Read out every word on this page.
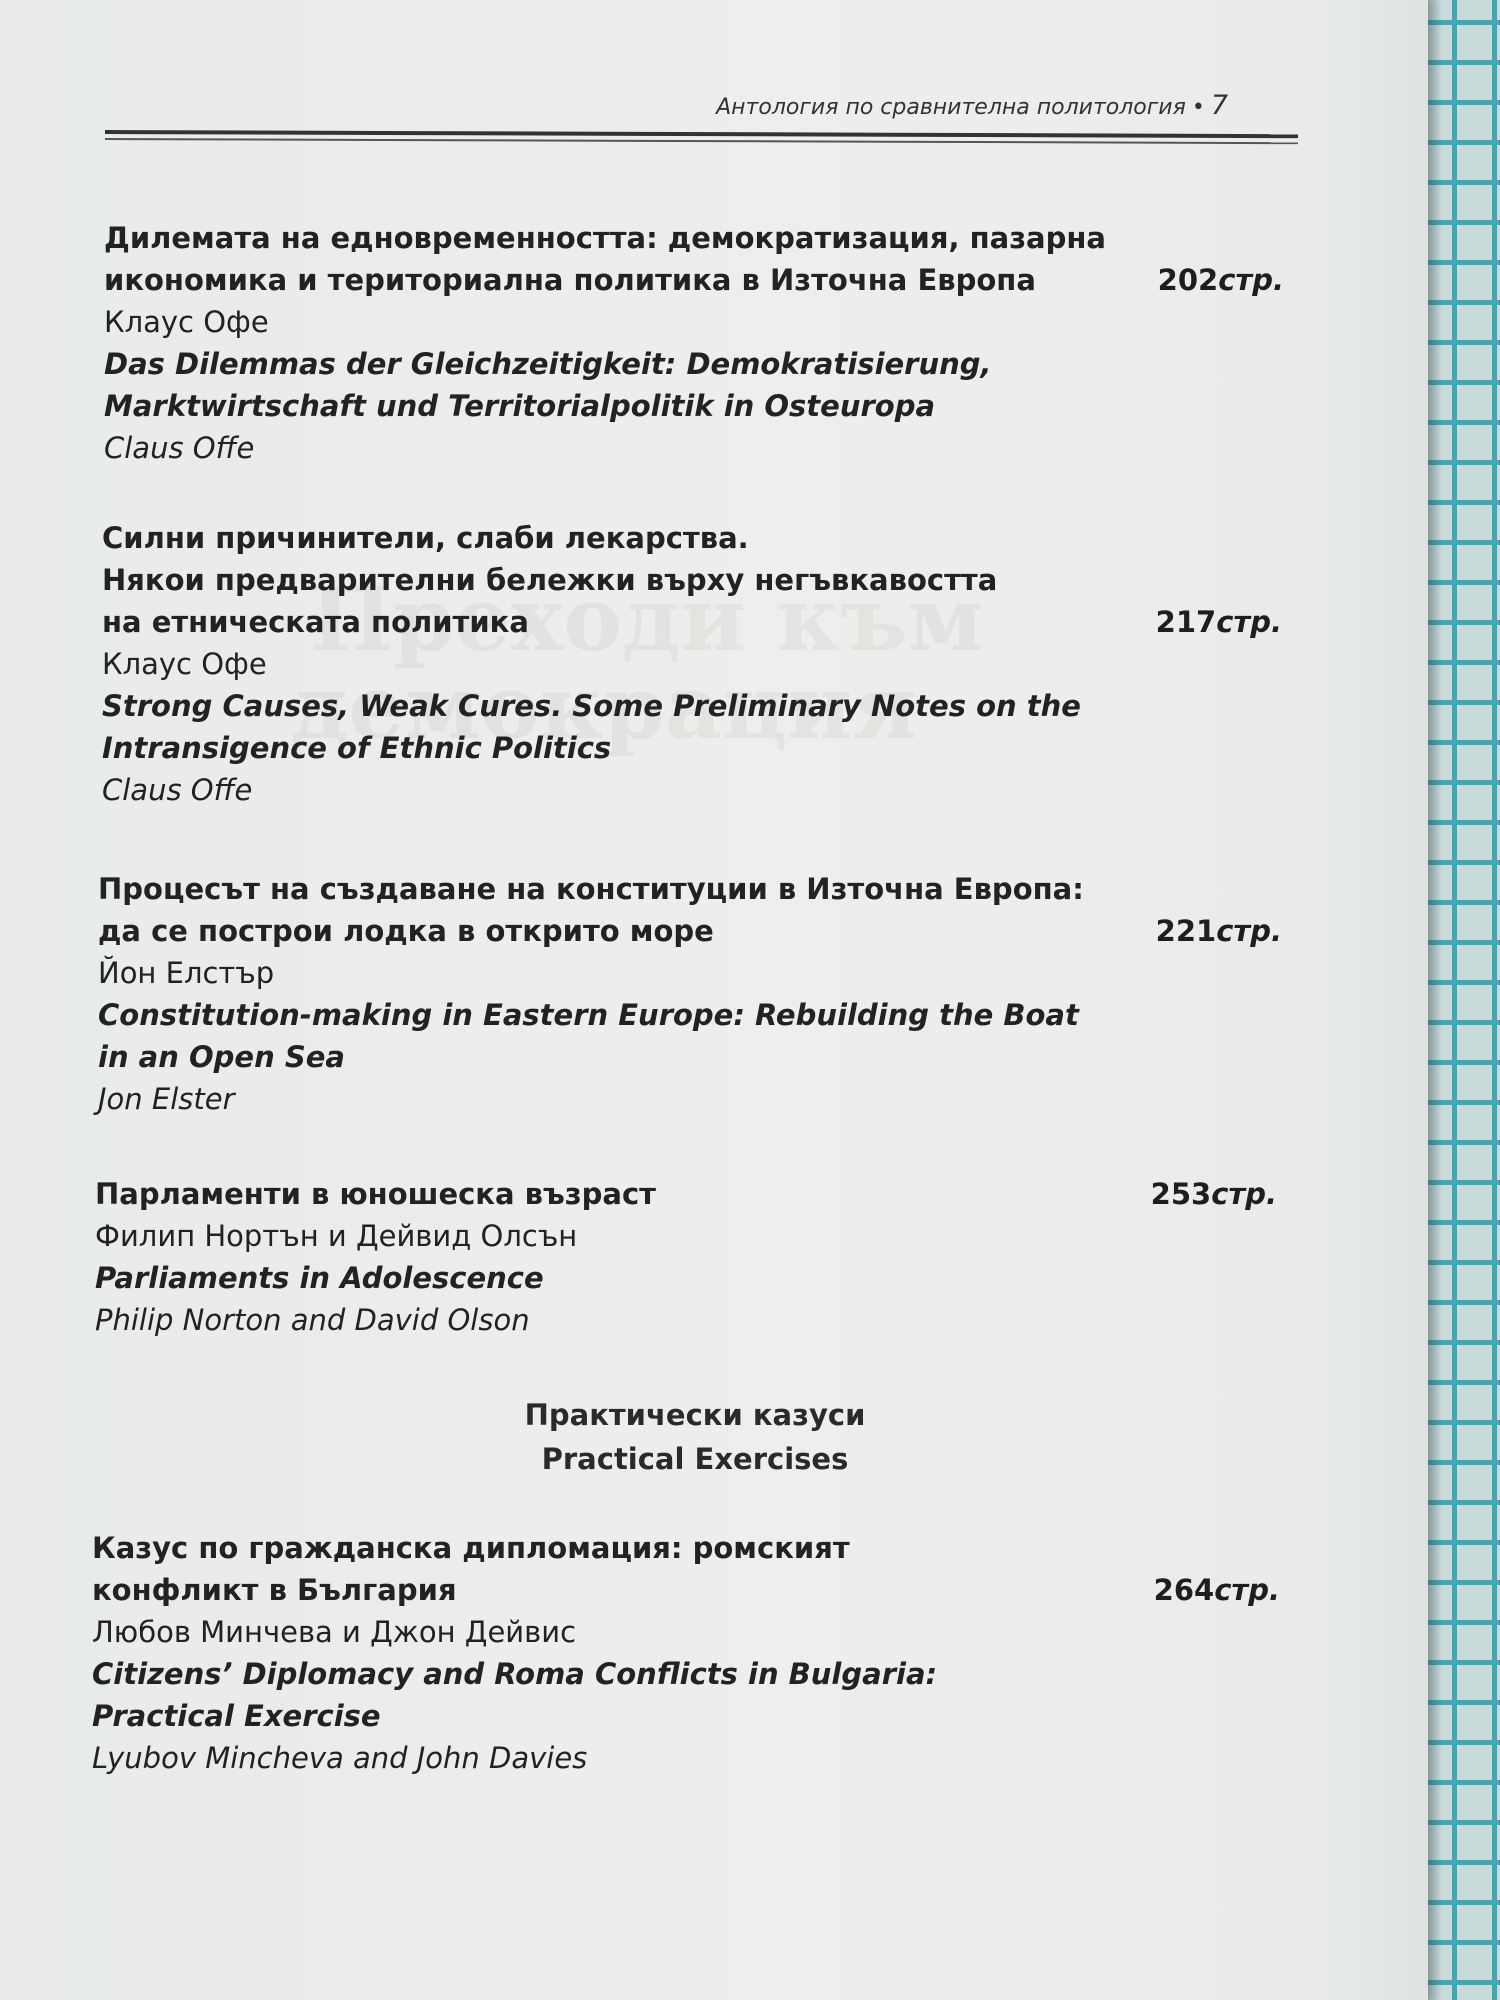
Антология по сравнителна политология • 7
Дилемата на едновременността: демократизация, пазарна
икономика и териториална политика в Източна Европа
Клаус Офе
Das Dilemmas der Gleichzeitigkeit: Demokratisierung,
Marktwirtschaft und Territorialpolitik in Osteuropa
Claus Offe
202стр.
Силни причинители, слаби лекарства.
Някои предварителни бележки върху негъвкавостта
на етническата политика
Клаус Офе
Strong Causes, Weak Cures. Some Preliminary Notes on the
Intransigence of Ethnic Politics
Claus Offe
217стр.
Процесът на създаване на конституции в Източна Европа:
да се построи лодка в открито море
Йон Елстър
Constitution-making in Eastern Europe: Rebuilding the Boat
in an Open Sea
Jon Elster
221стр.
Парламенти в юношеска възраст
Филип Нортън и Дейвид Олсън
Parliaments in Adolescence
Philip Norton and David Olson
253стр.
Практически казуси
Practical Exercises
Казус по гражданска дипломация: ромският
конфликт в България
Любов Минчева и Джон Дейвис
Citizens’ Diplomacy and Roma Conflicts in Bulgaria:
Practical Exercise
Lyubov Mincheva and John Davies
264стр.
